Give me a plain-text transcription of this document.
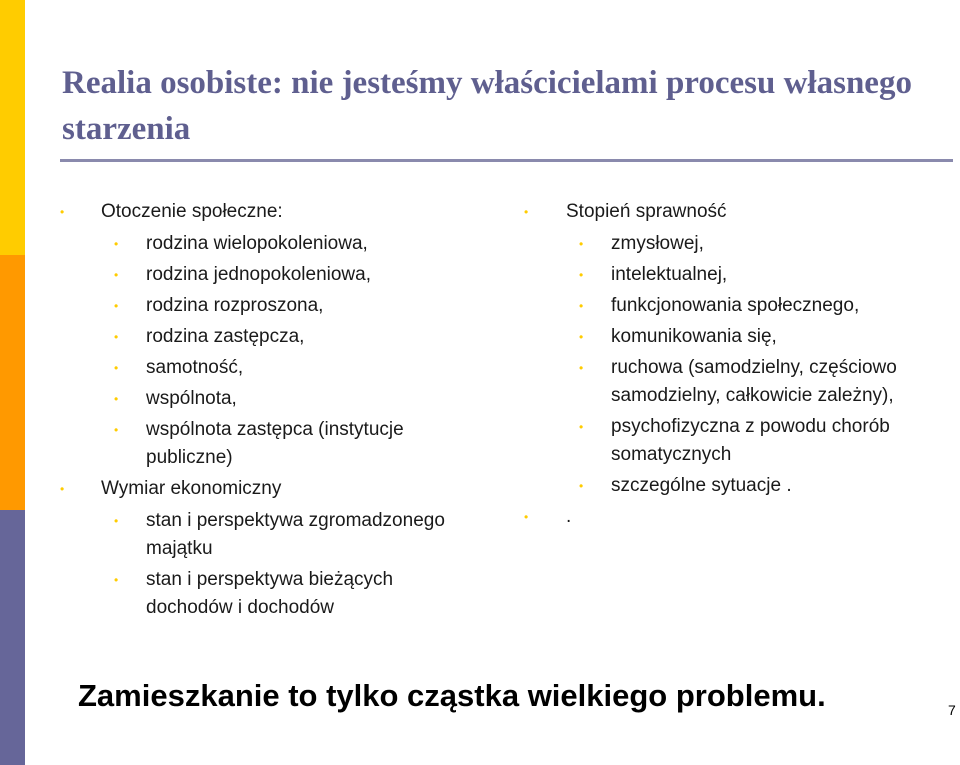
Realia osobiste: nie jesteśmy właścicielami procesu własnego starzenia
• Otoczenie społeczne:
• rodzina wielopokoleniowa,
• rodzina jednopokoleniowa,
• rodzina rozproszona,
• rodzina zastępcza,
• samotność,
• wspólnota,
• wspólnota zastępca (instytucje publiczne)
• Wymiar ekonomiczny
• stan i perspektywa zgromadzonego majątku
• stan i perspektywa bieżących dochodów i dochodów
• Stopień sprawność
• zmysłowej,
• intelektualnej,
• funkcjonowania społecznego,
• komunikowania się,
• ruchowa (samodzielny, częściowo samodzielny, całkowicie zależny),
• psychofizyczna z powodu chorób somatycznych
• szczególne sytuacje .
• .
Zamieszkanie to tylko cząstka wielkiego problemu.	7
